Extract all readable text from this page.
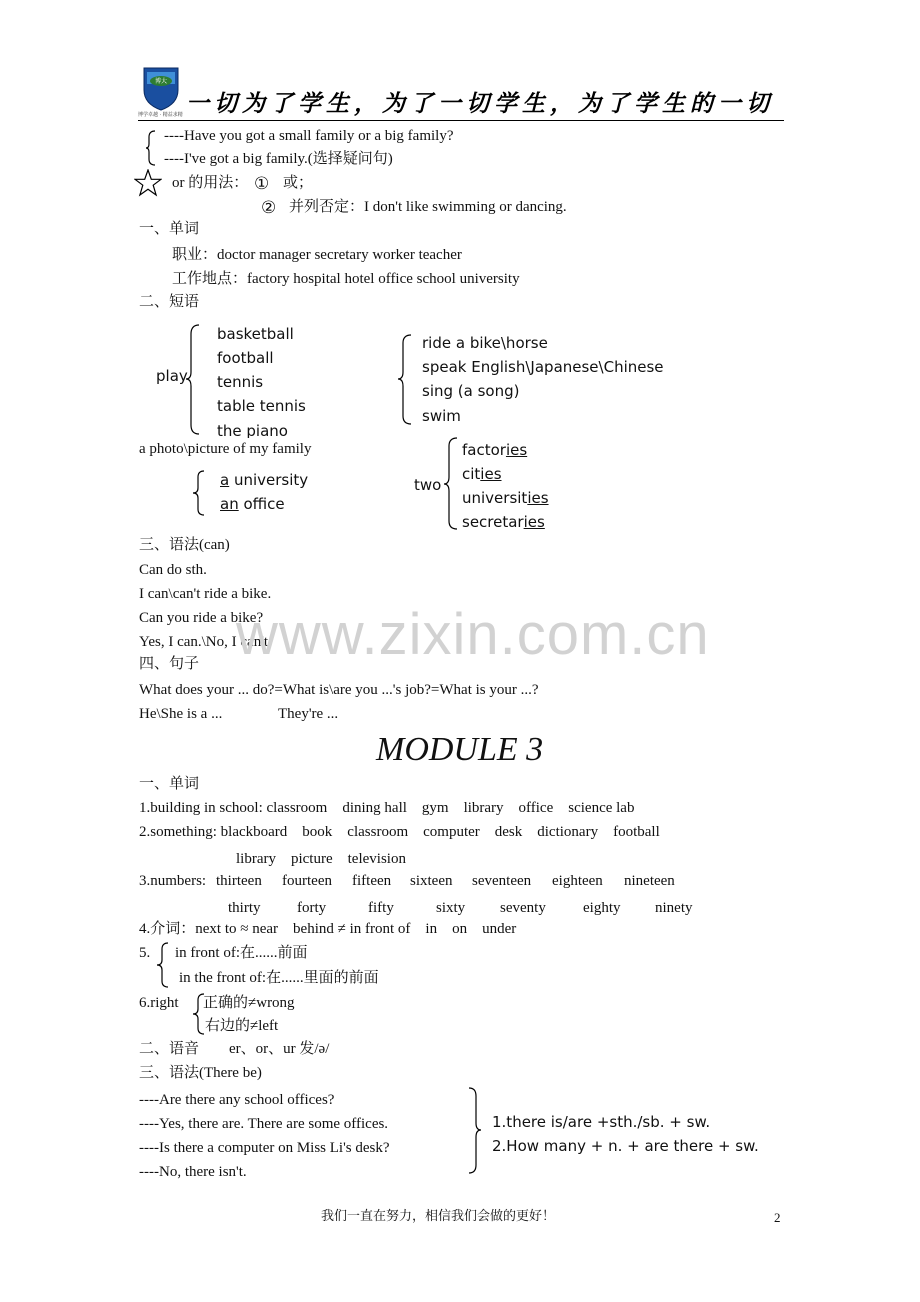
博大
博学卓越 · 精益求精 一切为了学生，为了一切学生，为了学生的一切
----Have you got a small family or a big family?
----I've got a big family.(选择疑问句)
or 的用法： ① 或；
② 并列否定：I don't like swimming or dancing.
一、单词
职业：doctor manager secretary worker teacher
工作地点：factory hospital hotel office school university
二、短语
play
basketball
football
tennis
table tennis
the piano
ride a bike\horse
speak English\Japanese\Chinese
sing (a song)
swim
a photo\picture of my family
a university
an office
two
factories
cities
universities
secretaries
三、语法(can)
Can do sth.
I can\can't ride a bike.
Can you ride a bike?
Yes, I can.\No, I can't.
www.zixin.com.cn
四、句子
What does your ... do?=What is\are you ...'s job?=What is your ...?
He\She is a ...	They're ...
MODULE 3
一、单词
1.building in school: classroom    dining hall    gym    library    office    science lab
2.something: blackboard    book    classroom    computer    desk    dictionary    football
library    picture    television
3.numbers: thirteen fourteen fifteen sixteen seventeen eighteen nineteen
thirty forty	fifty	sixty seventy eighty ninety
4.介词：next to ≈ near    behind ≠ in front of    in    on    under
5. in front of:在......前面
in the front of:在......里面的前面
6.right 正确的≠wrong
右边的≠left
二、语音        er、or、ur 发/ə/
三、语法(There be)
----Are there any school offices?
----Yes, there are. There are some offices.
----Is there a computer on Miss Li's desk?
----No, there isn't.
1.there is/are +sth./sb. + sw.
2.How many + n. + are there + sw.
我们一直在努力，相信我们会做的更好！	2
